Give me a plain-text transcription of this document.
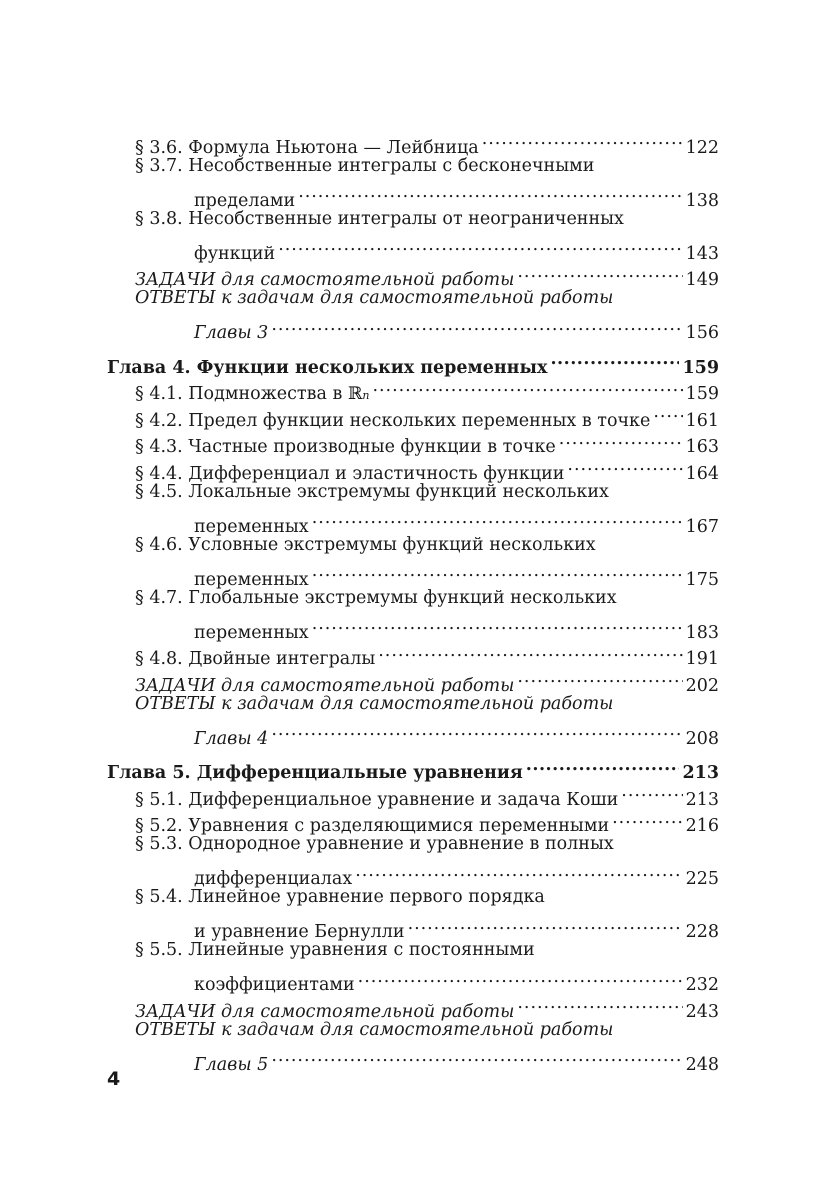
§ 3.6. Формула Ньютона — Лейбница . . .	122
§ 3.7. Несобственные интегралы с бесконечными
пределами . . .	138
§ 3.8. Несобственные интегралы от неограниченных
функций . . .	143
ЗАДАЧИ для самостоятельной работы . . .	149
ОТВЕТЫ к задачам для самостоятельной работы
Главы 3 . . .	156
Глава 4. Функции нескольких переменных . . .	159
§ 4.1. Подмножества в ℝ n . . .	159
§ 4.2. Предел функции нескольких переменных в точке . . . 161
§ 4.3. Частные производные функции в точке . . .	163
§ 4.4. Дифференциал и эластичность функции . . .	164
§ 4.5. Локальные экстремумы функций нескольких
переменных . . .	167
§ 4.6. Условные экстремумы функций нескольких
переменных . . .	175
§ 4.7. Глобальные экстремумы функций нескольких
переменных . . .	183
§ 4.8. Двойные интегралы . . .	191
ЗАДАЧИ для самостоятельной работы . . .	202
ОТВЕТЫ к задачам для самостоятельной работы
Главы 4 . . .	208
Глава 5. Дифференциальные уравнения . . .	213
§ 5.1. Дифференциальное уравнение и задача Коши . . .	213
§ 5.2. Уравнения с разделяющимися переменными . . .	216
§ 5.3. Однородное уравнение и уравнение в полных
дифференциалах . . .	225
§ 5.4. Линейное уравнение первого порядка
и уравнение Бернулли . . .	228
§ 5.5. Линейные уравнения с постоянными
коэффициентами . . .	232
ЗАДАЧИ для самостоятельной работы . . .	243
ОТВЕТЫ к задачам для самостоятельной работы
Главы 5 . . .	248
4
